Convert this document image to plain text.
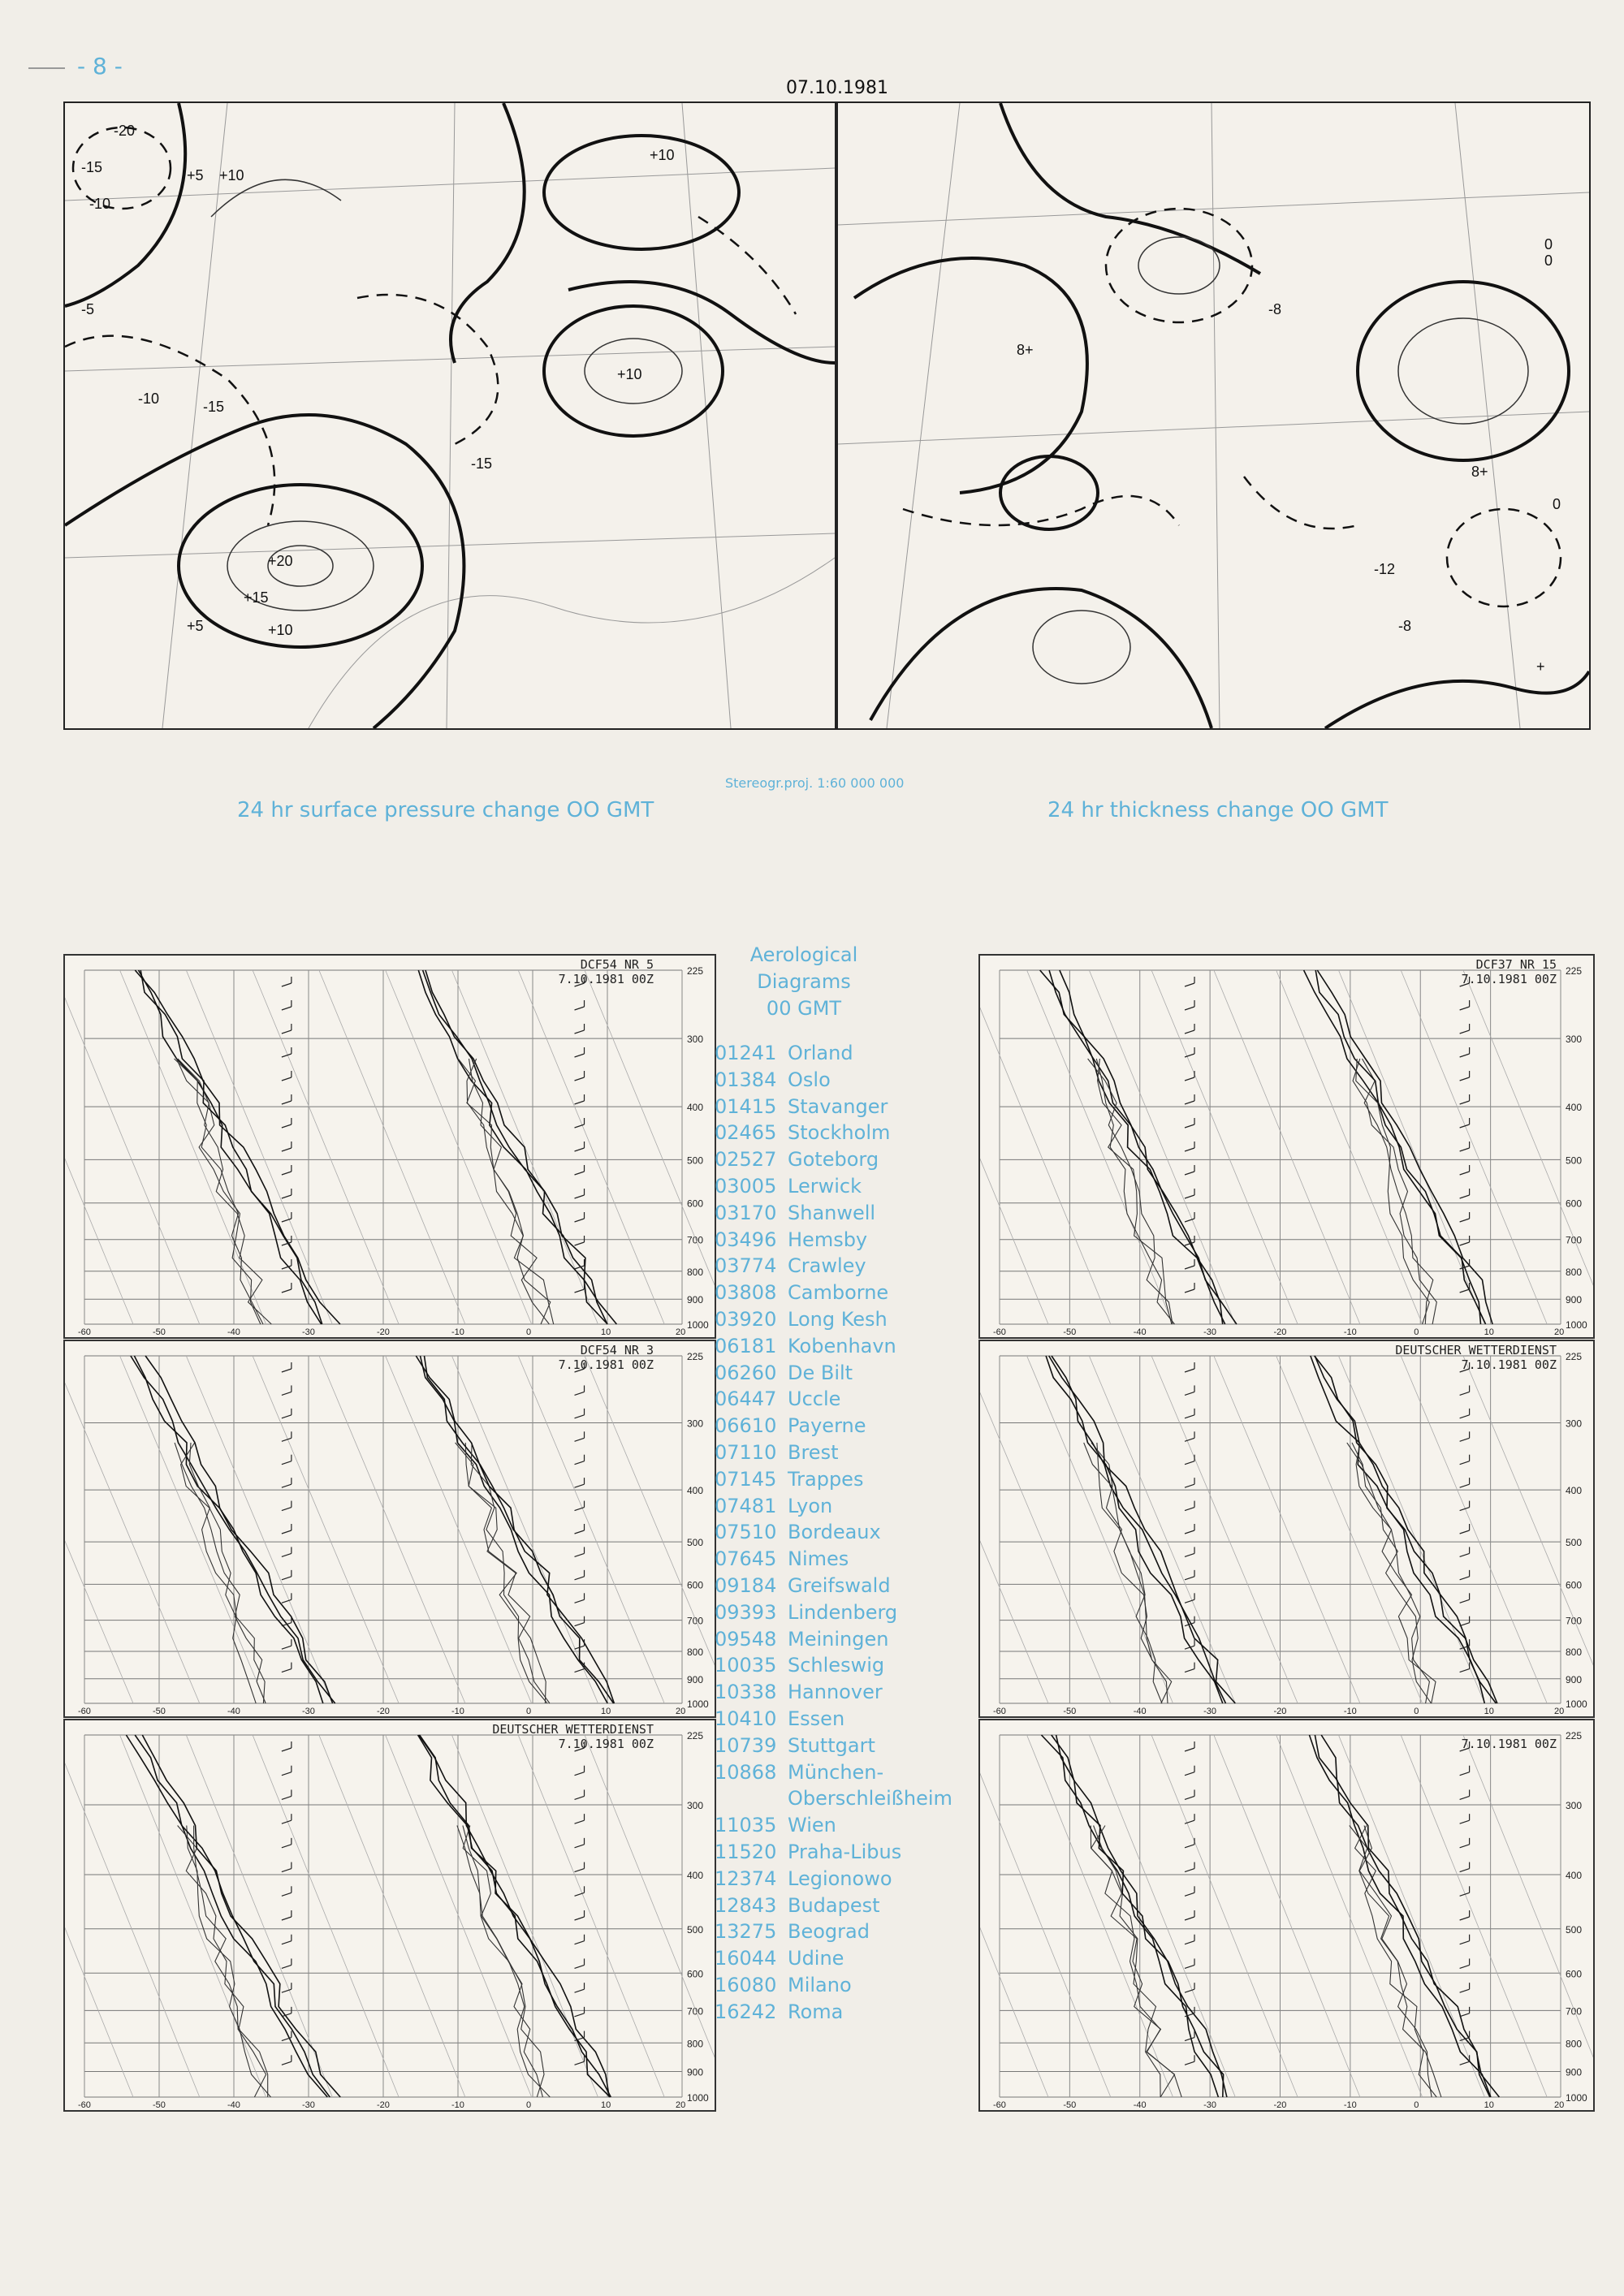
- 8 -
07.10.1981
-20
-15
-10
+5 +10
+10
+10
+20
+15
+5	+10
-15
-5
-10	-15
0
0
0
8+
-8
8+
-12
-8
+
24 hr surface pressure change OO GMT
Stereogr.proj. 1:60 000 000
24 hr thickness change OO GMT
225
300
400
500
600
700
800
900
1000
-60	-50	-40	-30	-20	-10	0	10	20
DCF54 NR 5
7.10.1981 00Z
225
300
400
500
600
700
800
900
1000
-60	-50	-40	-30	-20	-10	0	10	20
DCF37 NR 15
7.10.1981 00Z
225
300
400
500
600
700
800
900
1000
-60	-50	-40	-30	-20	-10	0	10	20
DCF54 NR 3
7.10.1981 00Z
225
300
400
500
600
700
800
900
1000
-60	-50	-40	-30	-20	-10	0	10	20
DEUTSCHER WETTERDIENST
7.10.1981 00Z
225
300
400
500
600
700
800
900
1000
-60	-50	-40	-30	-20	-10	0	10	20
DEUTSCHER WETTERDIENST
7.10.1981 00Z
225
300
400
500
600
700
800
900
1000
-60	-50	-40	-30	-20	-10	0	10	20
7.10.1981 00Z
Aerological
Diagrams
00 GMT
01241 Orland
01384 Oslo
01415 Stavanger
02465 Stockholm
02527 Goteborg
03005 Lerwick
03170 Shanwell
03496 Hemsby
03774 Crawley
03808 Camborne
03920 Long Kesh
06181 Kobenhavn
06260 De Bilt
06447 Uccle
06610 Payerne
07110 Brest
07145 Trappes
07481 Lyon
07510 Bordeaux
07645 Nimes
09184 Greifswald
09393 Lindenberg
09548 Meiningen
10035 Schleswig
10338 Hannover
10410 Essen
10739 Stuttgart
10868 München-
Oberschleißheim
11035 Wien
11520 Praha-Libus
12374 Legionowo
12843 Budapest
13275 Beograd
16044 Udine
16080 Milano
16242 Roma
